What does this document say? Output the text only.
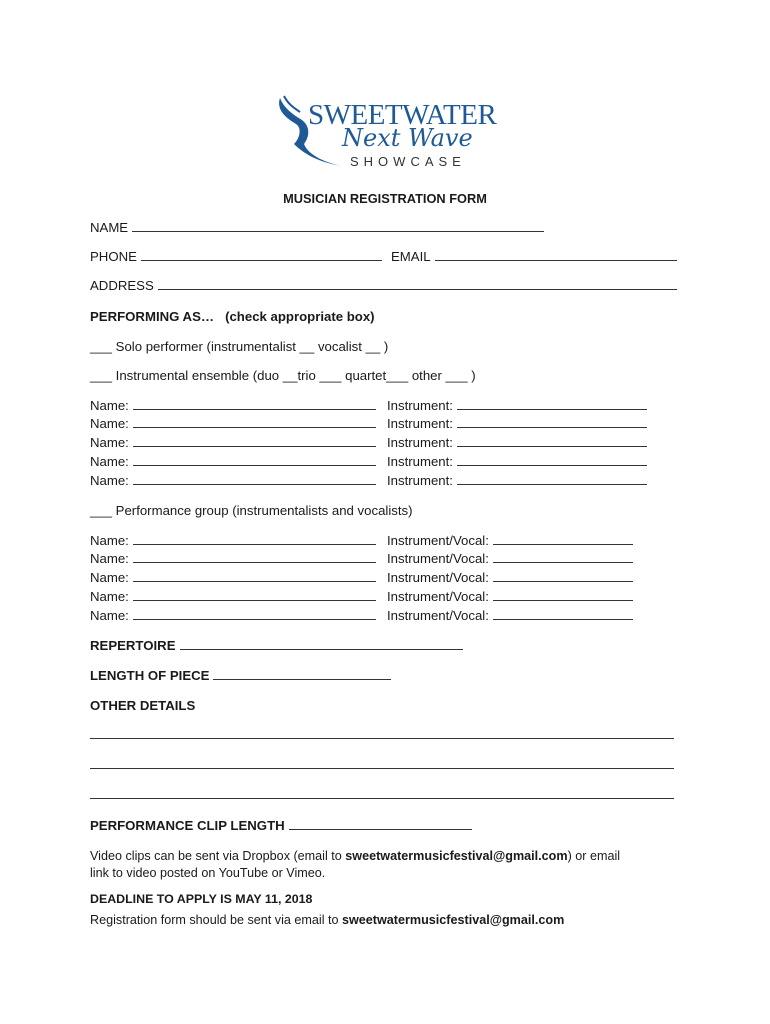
SWEETWATER
Next Wave
SHOWCASE
MUSICIAN REGISTRATION FORM
NAME
PHONE	EMAIL
ADDRESS
PERFORMING AS… (check appropriate box)
___ Solo performer (instrumentalist __ vocalist __ )
___ Instrumental ensemble (duo __trio ___ quartet___ other ___ )
Name:	Instrument:
Name:	Instrument:
Name:	Instrument:
Name:	Instrument:
Name:	Instrument:
___ Performance group (instrumentalists and vocalists)
Name:	Instrument/Vocal:
Name:	Instrument/Vocal:
Name:	Instrument/Vocal:
Name:	Instrument/Vocal:
Name:	Instrument/Vocal:
REPERTOIRE
LENGTH OF PIECE
OTHER DETAILS
PERFORMANCE CLIP LENGTH
Video clips can be sent via Dropbox (email to sweetwatermusicfestival@gmail.com) or email
link to video posted on YouTube or Vimeo.
DEADLINE TO APPLY IS MAY 11, 2018
Registration form should be sent via email to sweetwatermusicfestival@gmail.com
